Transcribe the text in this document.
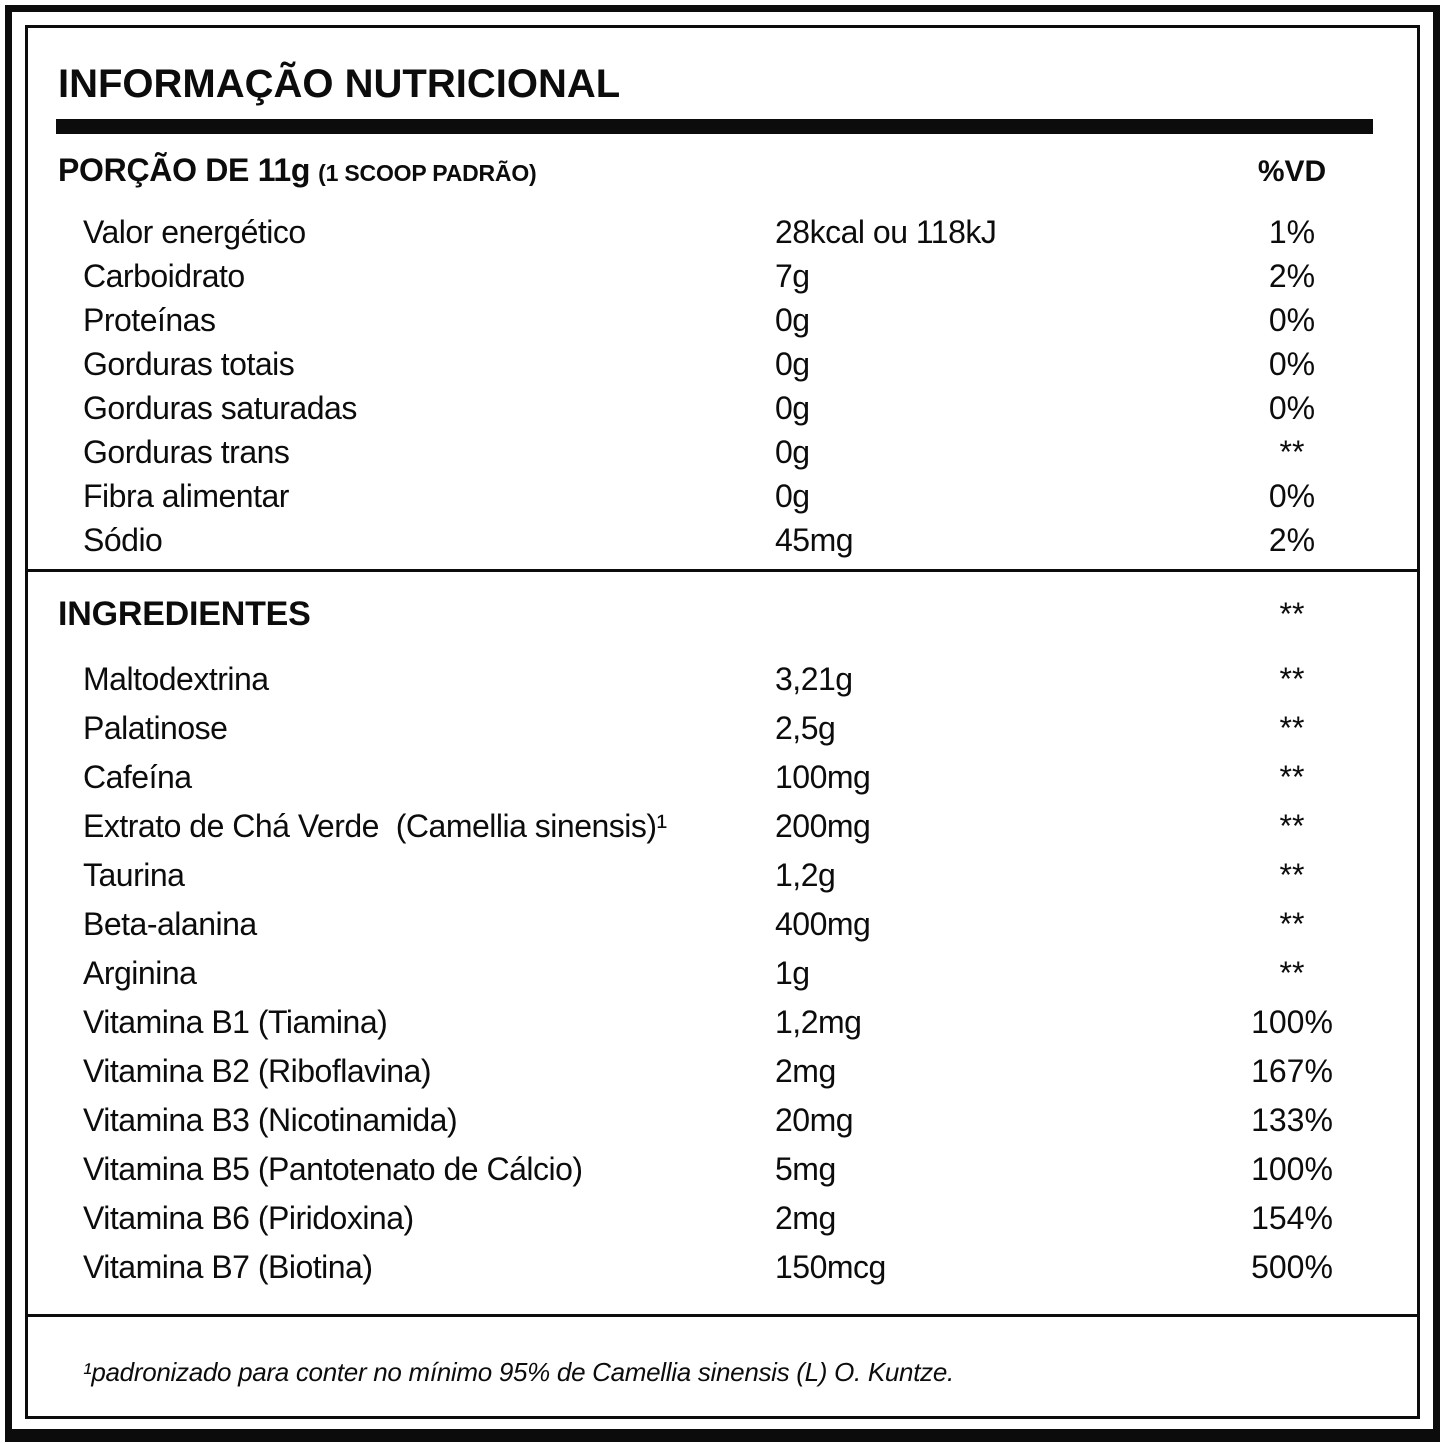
INFORMAÇÃO NUTRICIONAL
PORÇÃO DE 11g (1 SCOOP PADRÃO)	%VD
Valor energético	28kcal ou 118kJ	1%
Carboidrato	7g	2%
Proteínas	0g	0%
Gorduras totais	0g	0%
Gorduras saturadas	0g	0%
Gorduras trans	0g	**
Fibra alimentar	0g	0%
Sódio	45mg	2%
INGREDIENTES	**
Maltodextrina	3,21g	**
Palatinose	2,5g	**
Cafeína	100mg	**
Extrato de Chá Verde  (Camellia sinensis)¹	200mg	**
Taurina	1,2g	**
Beta-alanina	400mg	**
Arginina	1g	**
Vitamina B1 (Tiamina)	1,2mg	100%
Vitamina B2 (Riboflavina)	2mg	167%
Vitamina B3 (Nicotinamida)	20mg	133%
Vitamina B5 (Pantotenato de Cálcio)	5mg	100%
Vitamina B6 (Piridoxina)	2mg	154%
Vitamina B7 (Biotina)	150mcg	500%
¹padronizado para conter no mínimo 95% de Camellia sinensis (L) O. Kuntze.
